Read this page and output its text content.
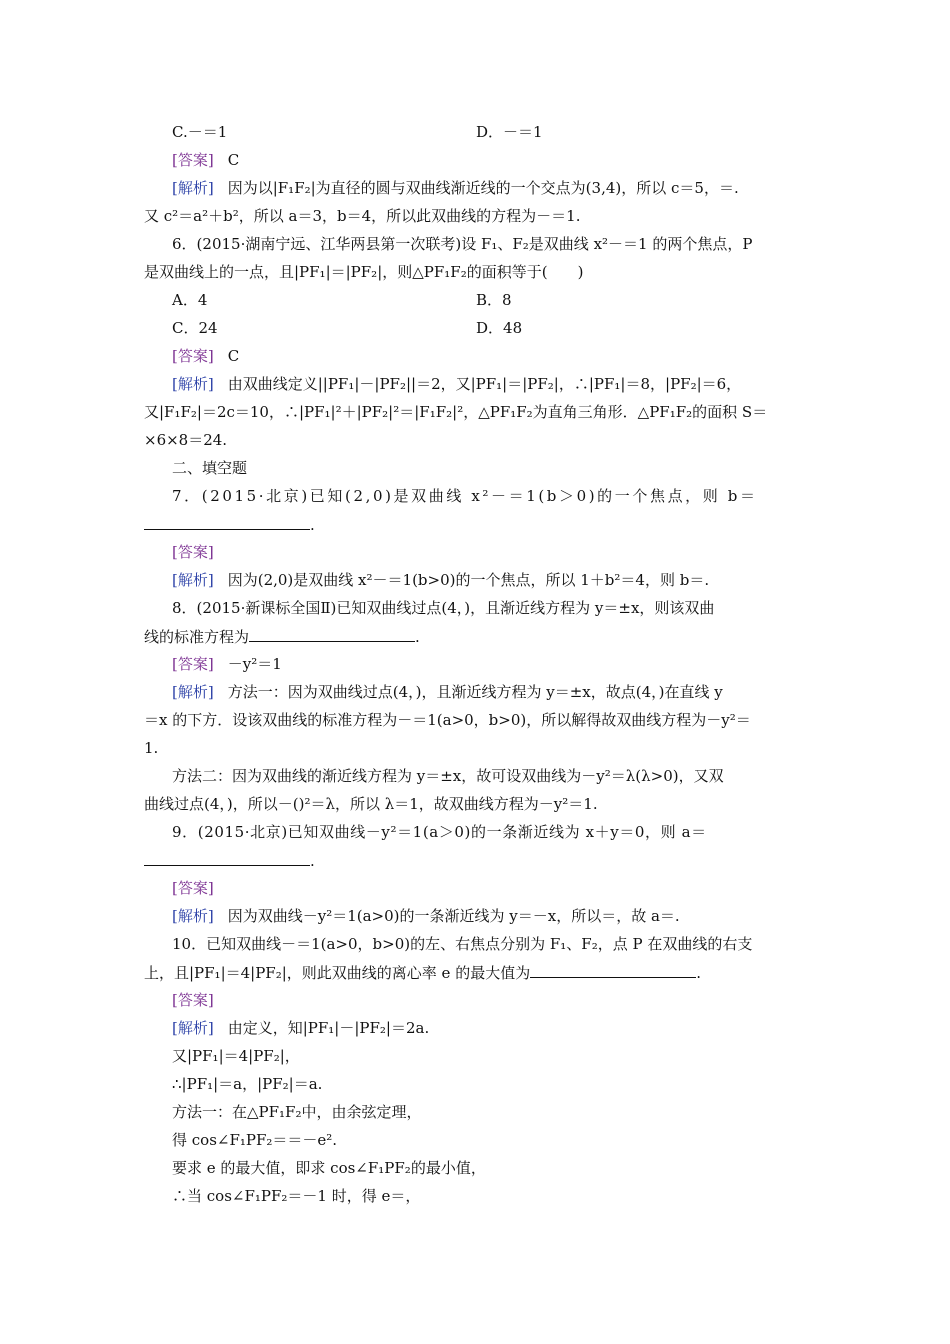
C.－＝1	D．－＝1
[答案] C
[解析] 因为以|F₁F₂|为直径的圆与双曲线渐近线的一个交点为(3,4)，所以 c＝5，＝.
又 c²＝a²＋b²，所以 a＝3，b＝4，所以此双曲线的方程为－＝1.
6．(2015·湖南宁远、江华两县第一次联考)设 F₁、F₂是双曲线 x²－＝1 的两个焦点，P
是双曲线上的一点，且|PF₁|＝|PF₂|，则△PF₁F₂的面积等于(　　)
A．4	B．8
C．24	D．48
[答案] C
[解析] 由双曲线定义||PF₁|－|PF₂||＝2，又|PF₁|＝|PF₂|，∴|PF₁|＝8，|PF₂|＝6，
又|F₁F₂|＝2c＝10，∴|PF₁|²＋|PF₂|²＝|F₁F₂|²，△PF₁F₂为直角三角形．△PF₁F₂的面积 S＝
×6×8＝24.
二、填空题
7．(2015·北京)已知(2,0)是双曲线 x²－＝1(b＞0)的一个焦点，则 b＝
.
[答案]
[解析] 因为(2,0)是双曲线 x²－＝1(b>0)的一个焦点，所以 1＋b²＝4，则 b＝.
8．(2015·新课标全国Ⅱ)已知双曲线过点(4，)，且渐近线方程为 y＝±x，则该双曲
线的标准方程为	.
[答案] －y²＝1
[解析] 方法一：因为双曲线过点(4，)，且渐近线方程为 y＝±x，故点(4，)在直线 y
＝x 的下方．设该双曲线的标准方程为－＝1(a>0，b>0)，所以解得故双曲线方程为－y²＝
1.
方法二：因为双曲线的渐近线方程为 y＝±x，故可设双曲线为－y²＝λ(λ>0)，又双
曲线过点(4，)，所以－()²＝λ，所以 λ＝1，故双曲线方程为－y²＝1.
9．(2015·北京)已知双曲线－y²＝1(a＞0)的一条渐近线为 x＋y＝0，则 a＝
.
[答案]
[解析] 因为双曲线－y²＝1(a>0)的一条渐近线为 y＝－x，所以＝，故 a＝.
10．已知双曲线－＝1(a>0，b>0)的左、右焦点分别为 F₁、F₂，点 P 在双曲线的右支
上，且|PF₁|＝4|PF₂|，则此双曲线的离心率 e 的最大值为	.
[答案]
[解析] 由定义，知|PF₁|－|PF₂|＝2a.
又|PF₁|＝4|PF₂|，
∴|PF₁|＝a，|PF₂|＝a.
方法一：在△PF₁F₂中，由余弦定理，
得 cos∠F₁PF₂＝＝－e².
要求 e 的最大值，即求 cos∠F₁PF₂的最小值，
∴当 cos∠F₁PF₂＝－1 时，得 e＝，
